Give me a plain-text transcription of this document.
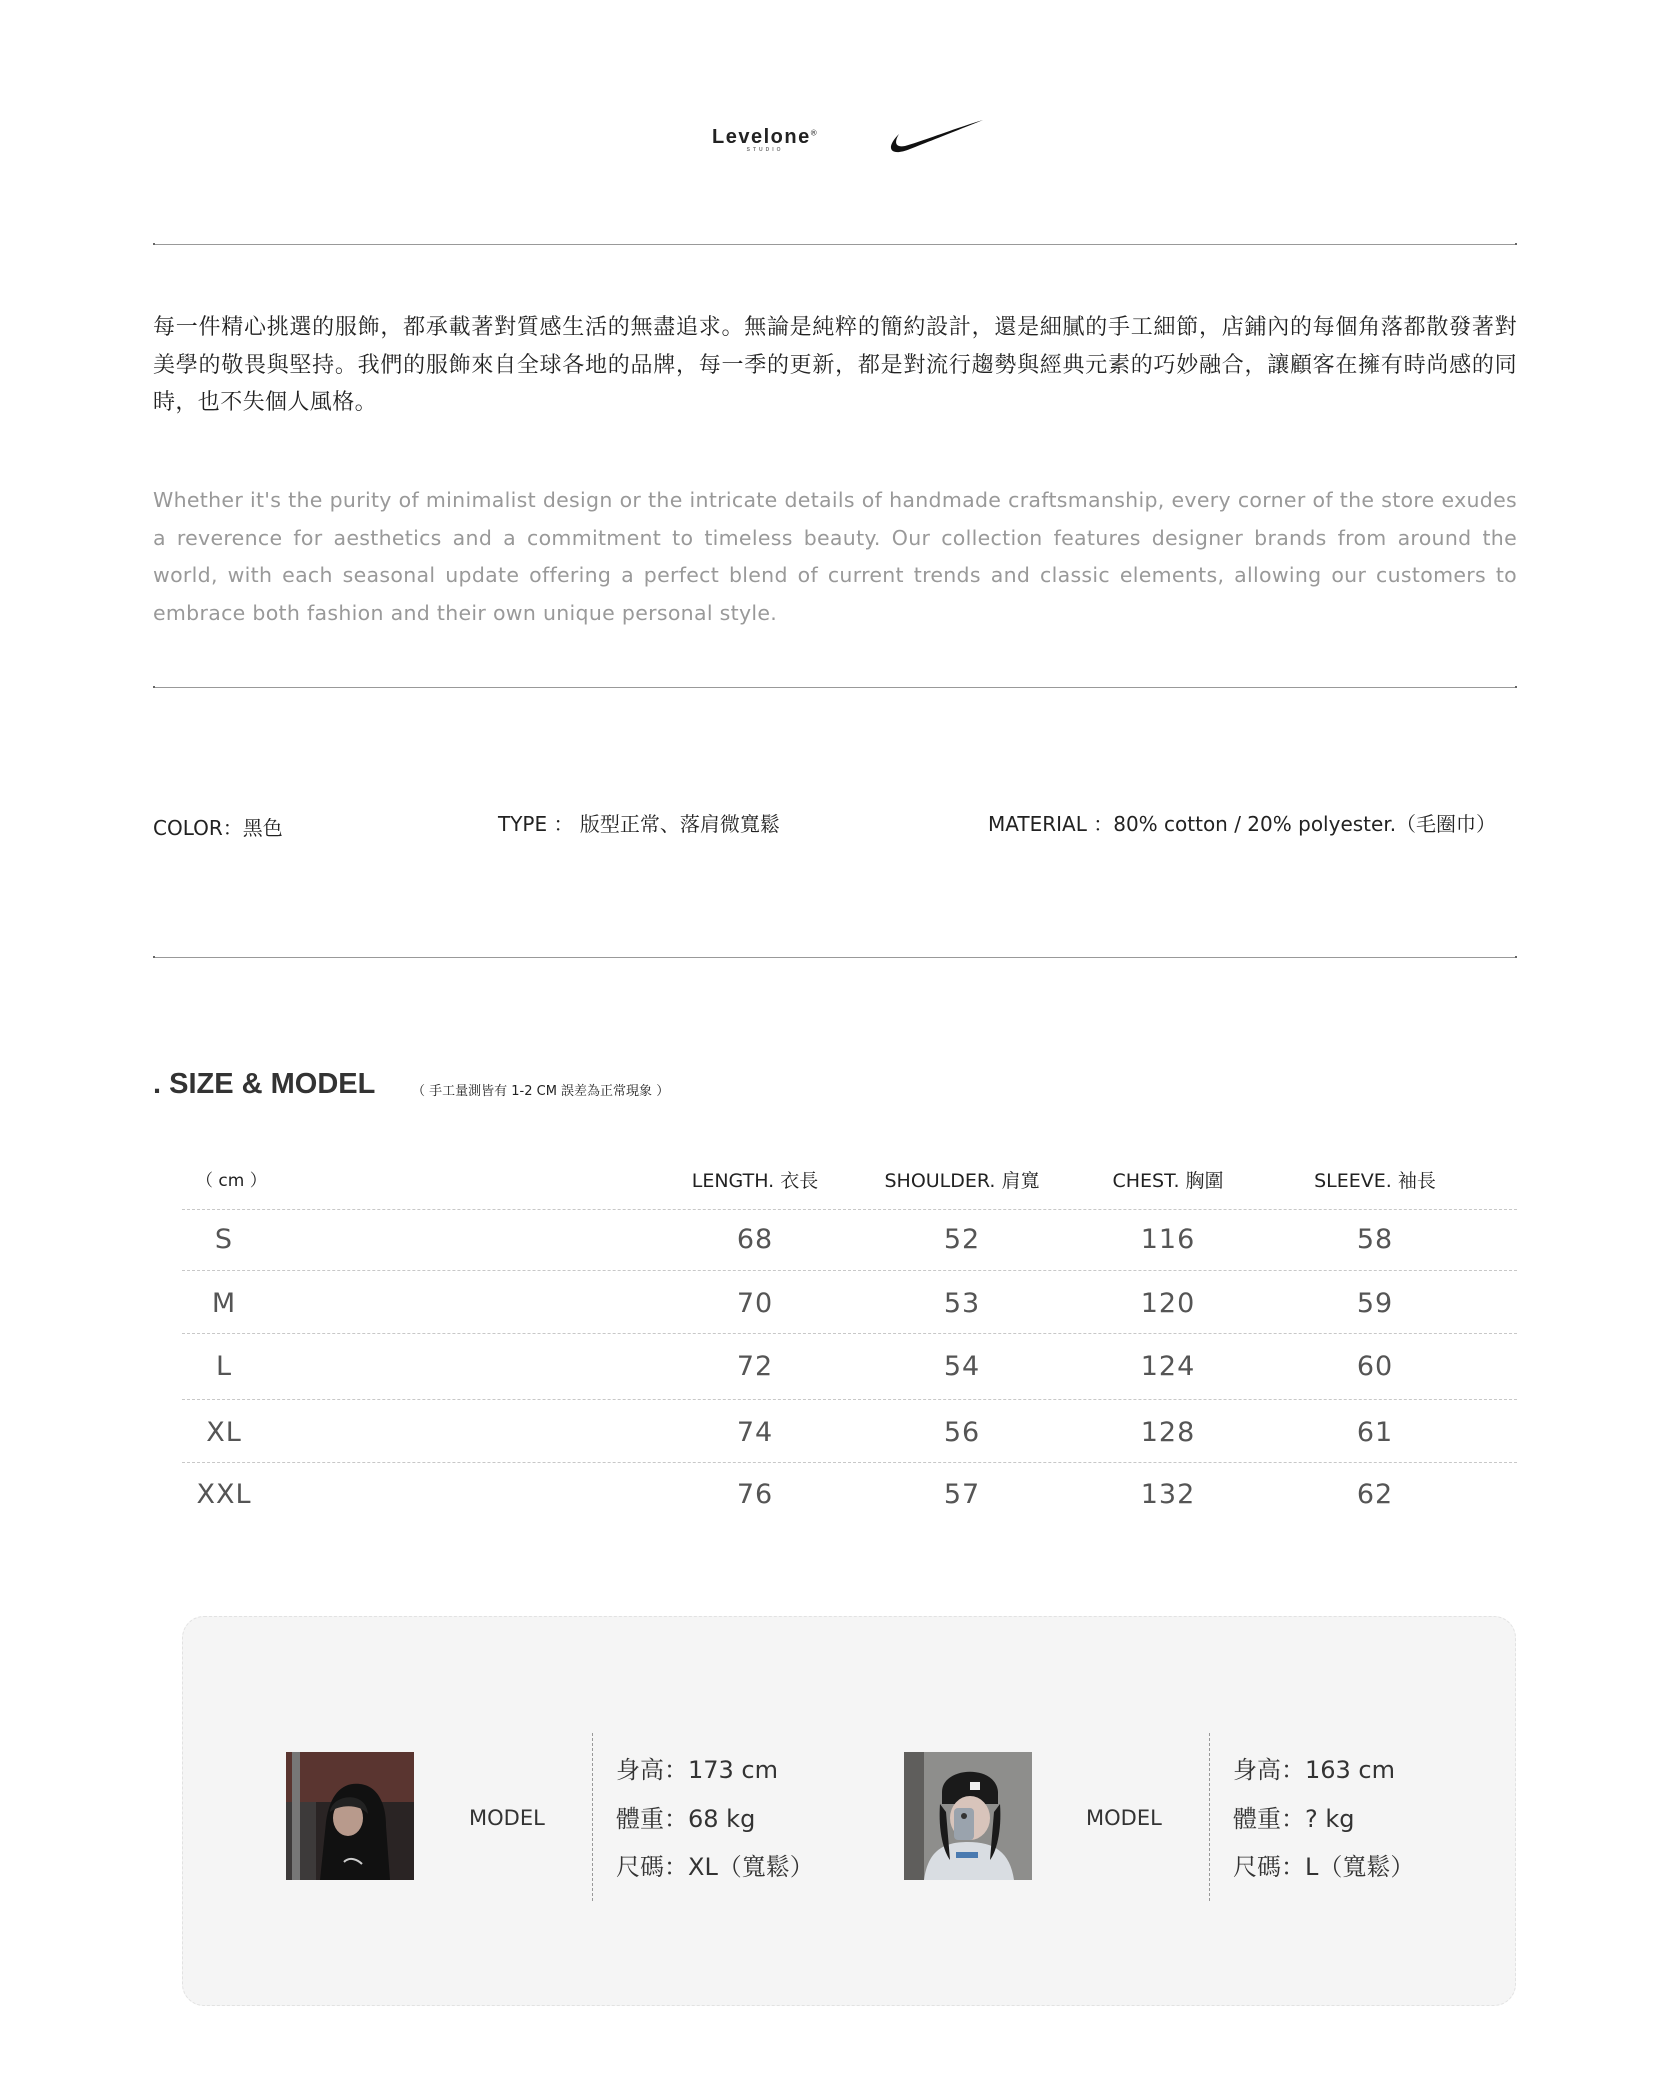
Levelone®
STUDIO
每一件精心挑選的服飾，都承載著對質感生活的無盡追求。無論是純粹的簡約設計，還是細膩的手工細節，店鋪內的每個角落都散發著對美學的敬畏與堅持。我們的服飾來自全球各地的品牌，每一季的更新，都是對流行趨勢與經典元素的巧妙融合，讓顧客在擁有時尚感的同時，也不失個人風格。
Whether it's the purity of minimalist design or the intricate details of handmade craftsmanship, every corner of the store exudes a reverence for aesthetics and a commitment to timeless beauty. Our collection features designer brands from around the world, with each seasonal update offering a perfect blend of current trends and classic elements, allowing our customers to embrace both fashion and their own unique personal style.
COLOR：黑色	TYPE ： 版型正常、落肩微寬鬆	MATERIAL ：80% cotton / 20% polyester.（毛圈巾）
. SIZE & MODEL	（ 手工量測皆有 1-2 CM 誤差為正常現象 ）
（ cm ）	LENGTH. 衣長	SHOULDER. 肩寬	CHEST. 胸圍	SLEEVE. 袖長
S	68	52	116	58
M	70	53	120	59
L	72	54	124	60
XL	74	56	128	61
XXL	76	57	132	62
MODEL
身高：173 cm
體重：68 kg
尺碼：XL（寬鬆）
MODEL
身高：163 cm
體重：? kg
尺碼：L（寬鬆）
